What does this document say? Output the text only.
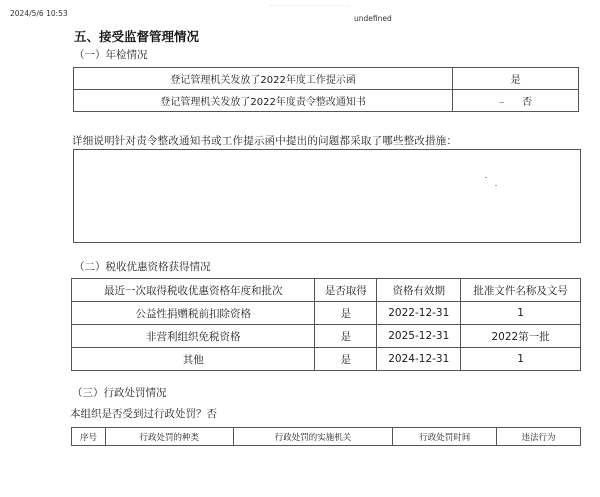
2024/5/6 10:53
undefined
五、接受监督管理情况
（一）年检情况
登记管理机关发放了2022年度工作提示函	是
登记管理机关发放了2022年度责令整改通知书	– 否
详细说明针对责令整改通知书或工作提示函中提出的问题都采取了哪些整改措施：
（二）税收优惠资格获得情况
最近一次取得税收优惠资格年度和批次	是否取得	资格有效期	批准文件名称及文号
公益性捐赠税前扣除资格	是	2022-12-31	1
非营利组织免税资格	是	2025-12-31	2022第一批
其他	是	2024-12-31	1
（三）行政处罚情况
本组织是否受到过行政处罚？否
序号	行政处罚的种类	行政处罚的实施机关	行政处罚时间	违法行为
